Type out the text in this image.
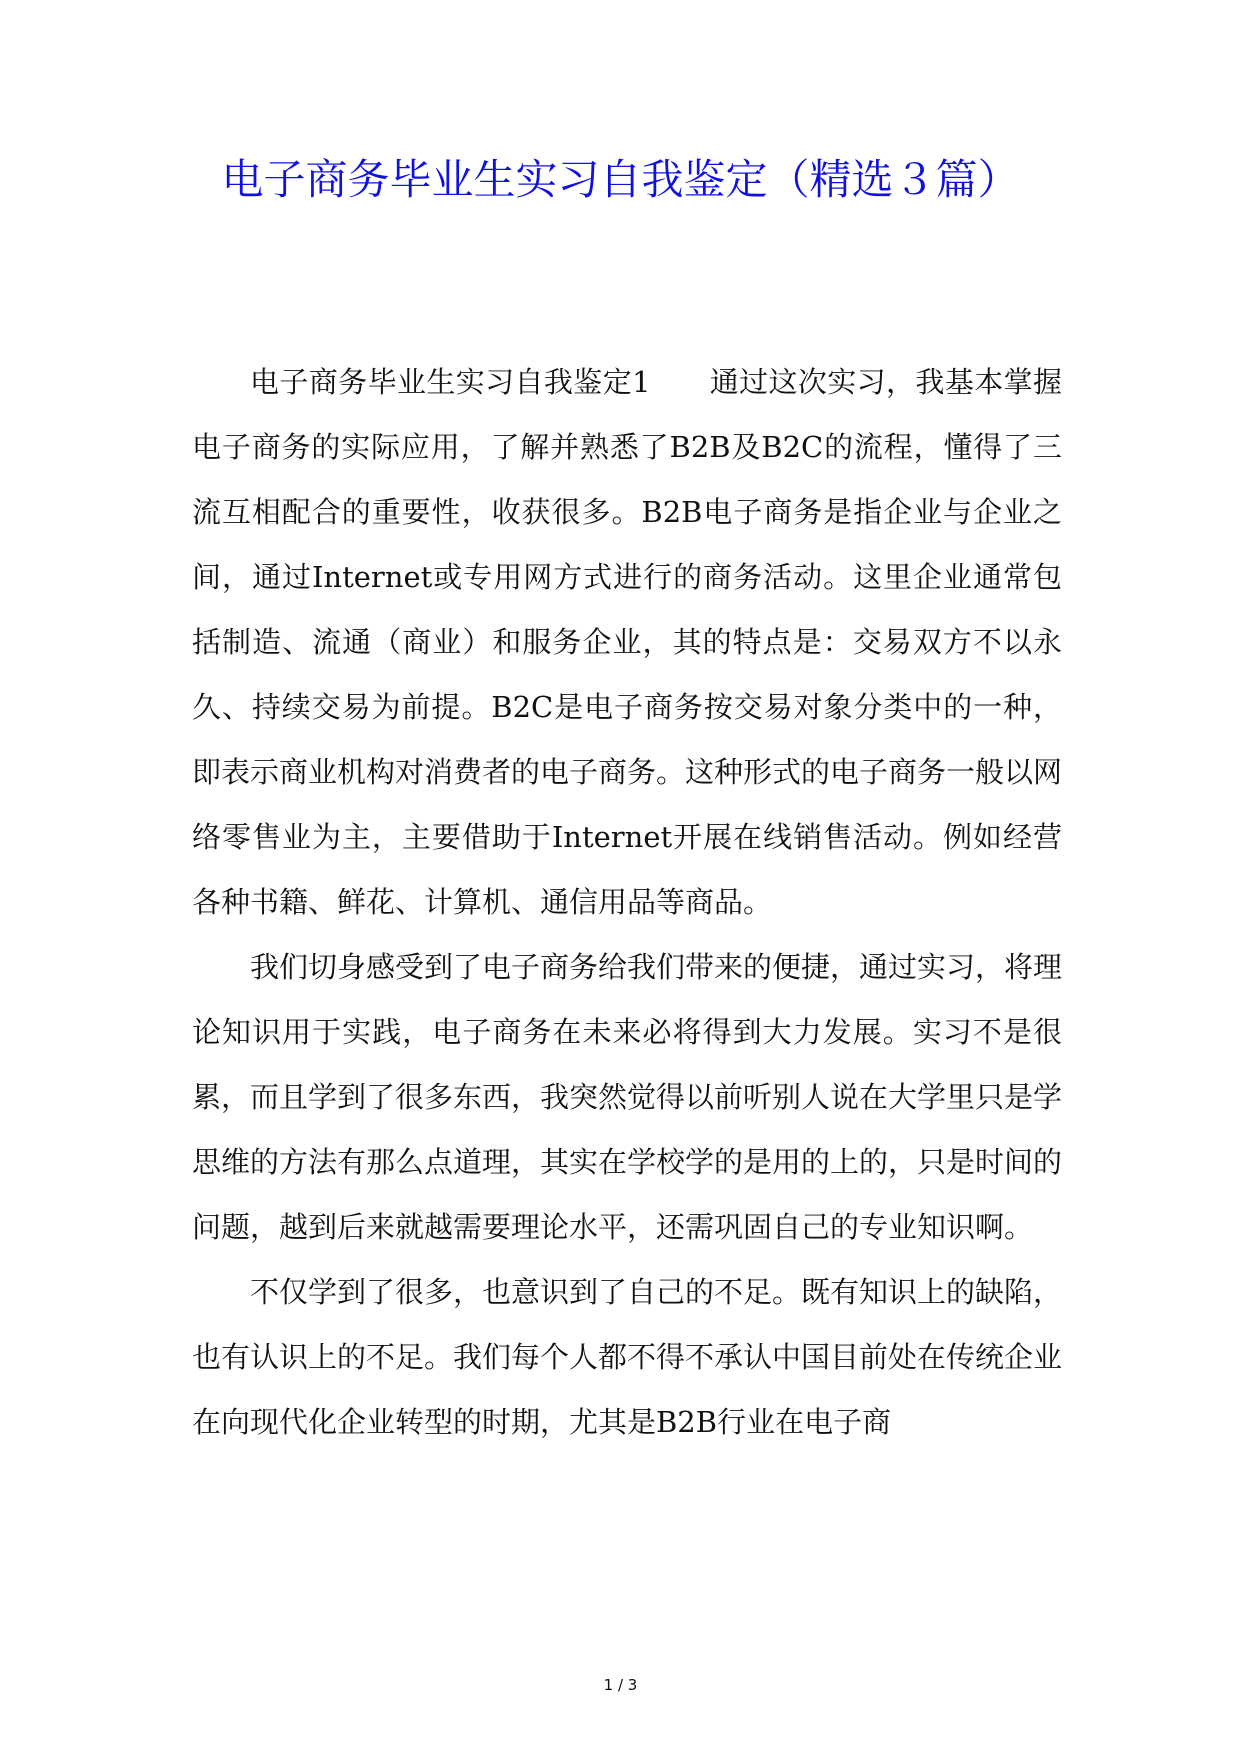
电子商务毕业生实习自我鉴定（精选３篇）

电子商务毕业生实习自我鉴定1　　通过这次实习，我基本掌握电子商务的实际应用，了解并熟悉了B2B及B2C的流程，懂得了三流互相配合的重要性，收获很多。B2B电子商务是指企业与企业之间，通过Internet或专用网方式进行的商务活动。这里企业通常包括制造、流通（商业）和服务企业，其的特点是：交易双方不以永久、持续交易为前提。B2C是电子商务按交易对象分类中的一种，即表示商业机构对消费者的电子商务。这种形式的电子商务一般以网络零售业为主，主要借助于Internet开展在线销售活动。例如经营各种书籍、鲜花、计算机、通信用品等商品。

我们切身感受到了电子商务给我们带来的便捷，通过实习，将理论知识用于实践，电子商务在未来必将得到大力发展。实习不是很累，而且学到了很多东西，我突然觉得以前听别人说在大学里只是学思维的方法有那么点道理，其实在学校学的是用的上的，只是时间的问题，越到后来就越需要理论水平，还需巩固自己的专业知识啊。

不仅学到了很多，也意识到了自己的不足。既有知识上的缺陷，也有认识上的不足。我们每个人都不得不承认中国目前处在传统企业在向现代化企业转型的时期，尤其是B2B行业在电子商

1 / 3
